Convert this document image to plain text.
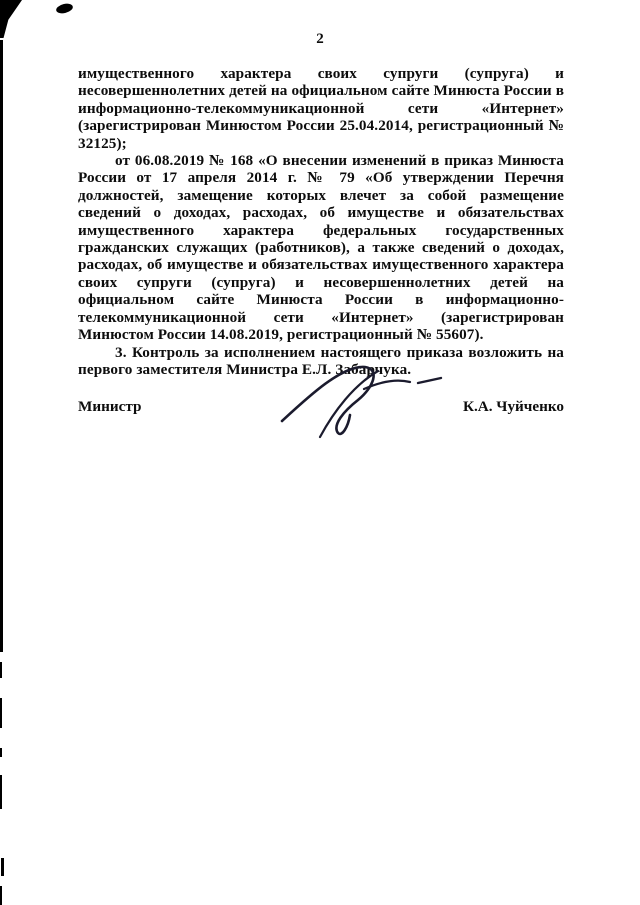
2

имущественного характера своих супруги (супруга) и несовершеннолетних детей на официальном сайте Минюста России в информационно-телекоммуникационной сети «Интернет» (зарегистрирован Минюстом России 25.04.2014, регистрационный № 32125);

от 06.08.2019 № 168 «О внесении изменений в приказ Минюста России от 17 апреля 2014 г. № 79 «Об утверждении Перечня должностей, замещение которых влечет за собой размещение сведений о доходах, расходах, об имуществе и обязательствах имущественного характера федеральных государственных гражданских служащих (работников), а также сведений о доходах, расходах, об имуществе и обязательствах имущественного характера своих супруги (супруга) и несовершеннолетних детей на официальном сайте Минюста России в информационно-телекоммуникационной сети «Интернет» (зарегистрирован Минюстом России 14.08.2019, регистрационный № 55607).

3. Контроль за исполнением настоящего приказа возложить на первого заместителя Министра Е.Л. Забарчука.

Министр	К.А. Чуйченко
